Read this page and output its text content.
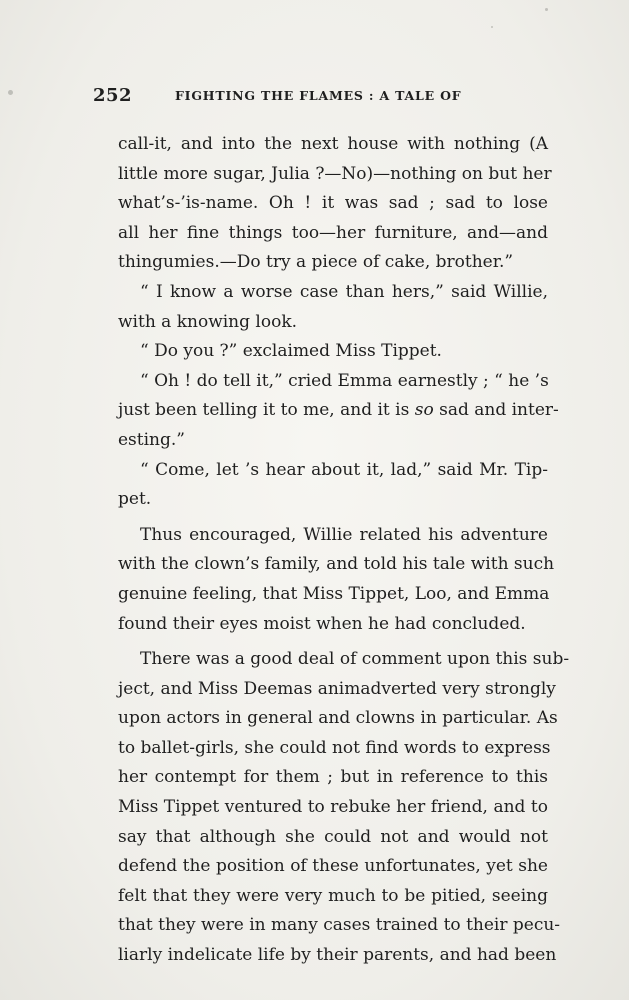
252	FIGHTING THE FLAMES : A TALE OF
call-it, and into the next house with nothing (A
little more sugar, Julia ?—No)—nothing on but her
what’s-’is-name. Oh ! it was sad ; sad to lose
all her fine things too—her furniture, and—and
thingumies.—Do try a piece of cake, brother.”
“ I know a worse case than hers,” said Willie,
with a knowing look.
“ Do you ?” exclaimed Miss Tippet.
“ Oh ! do tell it,” cried Emma earnestly ; “ he ’s
just been telling it to me, and it is so sad and inter-
esting.”
“ Come, let ’s hear about it, lad,” said Mr. Tip-
pet.
Thus encouraged, Willie related his adventure
with the clown’s family, and told his tale with such
genuine feeling, that Miss Tippet, Loo, and Emma
found their eyes moist when he had concluded.
There was a good deal of comment upon this sub-
ject, and Miss Deemas animadverted very strongly
upon actors in general and clowns in particular. As
to ballet-girls, she could not find words to express
her contempt for them ; but in reference to this
Miss Tippet ventured to rebuke her friend, and to
say that although she could not and would not
defend the position of these unfortunates, yet she
felt that they were very much to be pitied, seeing
that they were in many cases trained to their pecu-
liarly indelicate life by their parents, and had been
